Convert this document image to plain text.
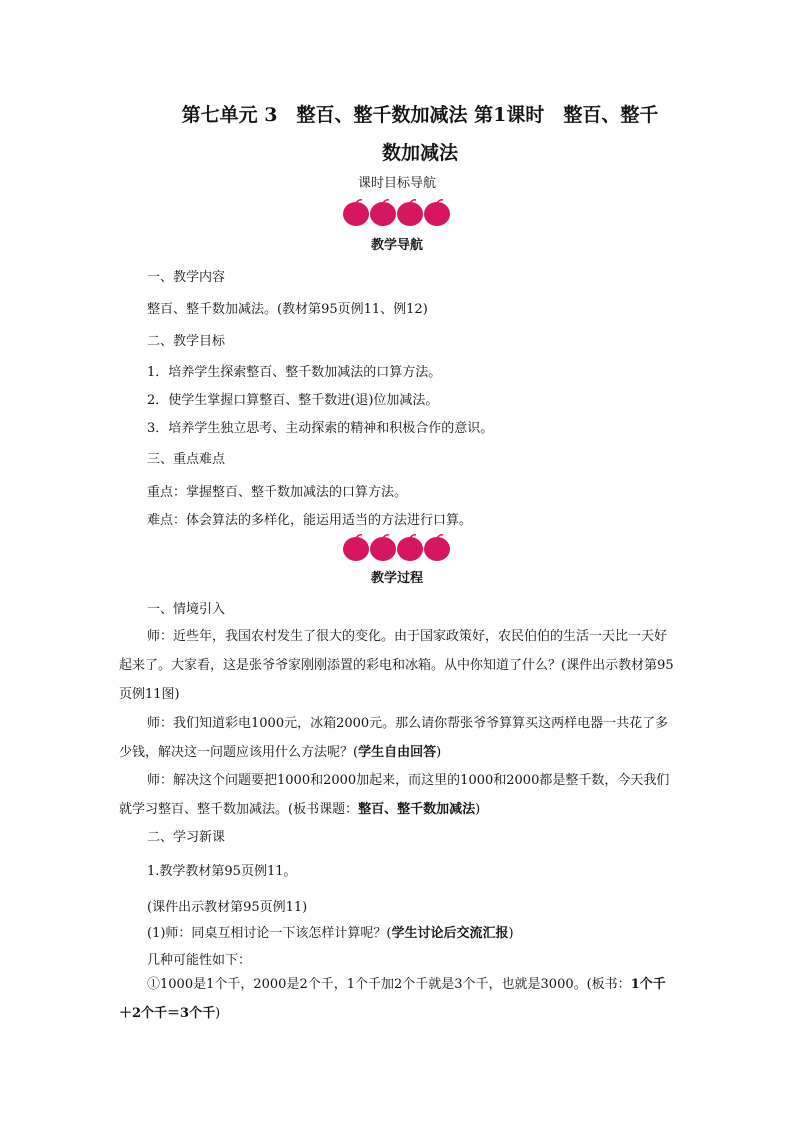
第七单元 3　整百、整千数加减法 第1课时　整百、整千
数加减法
课时目标导航
教学导航
一、教学内容
整百、整千数加减法。(教材第95页例11、例12)
二、教学目标
1．培养学生探索整百、整千数加减法的口算方法。
2．使学生掌握口算整百、整千数进(退)位加减法。
3．培养学生独立思考、主动探索的精神和积极合作的意识。
三、重点难点
重点：掌握整百、整千数加减法的口算方法。
难点：体会算法的多样化，能运用适当的方法进行口算。
教学过程
一、情境引入
师：近些年，我国农村发生了很大的变化。由于国家政策好，农民伯伯的生活一天比一天好起来了。大家看，这是张爷爷家刚刚添置的彩电和冰箱。从中你知道了什么？(课件出示教材第95页例11图)
师：我们知道彩电1000元，冰箱2000元。那么请你帮张爷爷算算买这两样电器一共花了多少钱，解决这一问题应该用什么方法呢？(学生自由回答)
师：解决这个问题要把1000和2000加起来，而这里的1000和2000都是整千数，今天我们就学习整百、整千数加减法。(板书课题：整百、整千数加减法)
二、学习新课
1.教学教材第95页例11。
(课件出示教材第95页例11)
(1)师：同桌互相讨论一下该怎样计算呢？(学生讨论后交流汇报)
几种可能性如下：
①1000是1个千，2000是2个千，1个千加2个千就是3个千，也就是3000。(板书：1个千＋2个千＝3个千)
